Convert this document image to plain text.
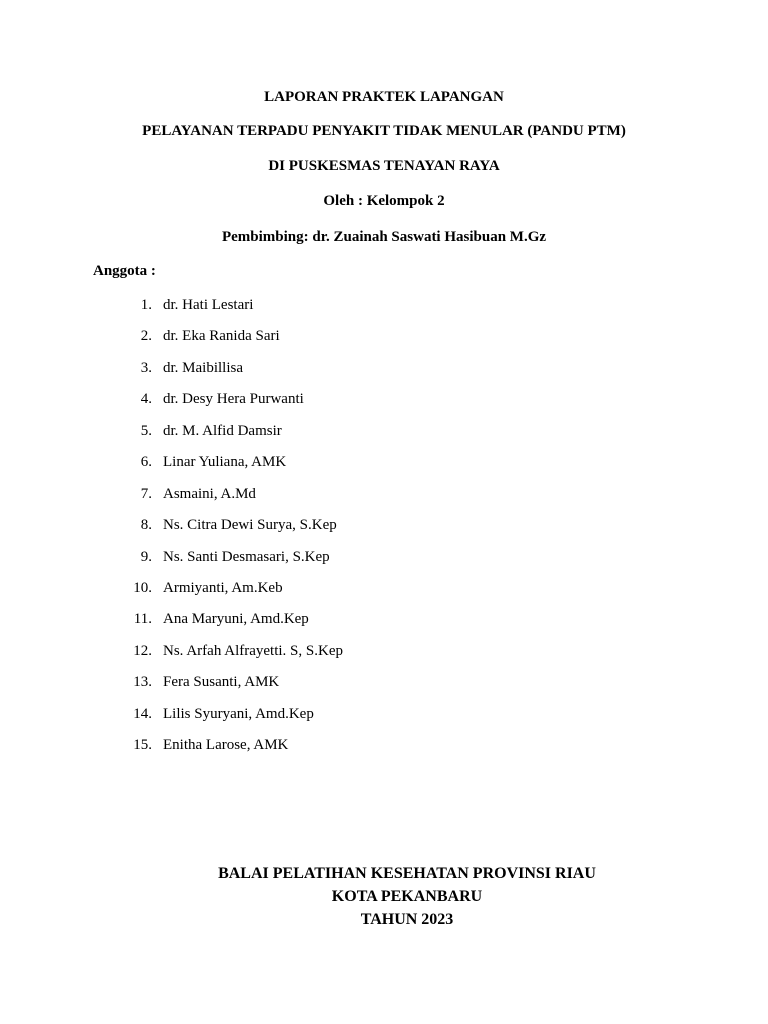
LAPORAN PRAKTEK LAPANGAN
PELAYANAN TERPADU PENYAKIT TIDAK MENULAR (PANDU PTM)
DI PUSKESMAS TENAYAN RAYA
Oleh : Kelompok 2
Pembimbing: dr. Zuainah Saswati Hasibuan M.Gz
Anggota :
1. dr. Hati Lestari
2. dr. Eka Ranida Sari
3. dr. Maibillisa
4. dr. Desy Hera Purwanti
5. dr. M. Alfid Damsir
6. Linar Yuliana, AMK
7. Asmaini, A.Md
8. Ns. Citra Dewi Surya, S.Kep
9. Ns. Santi Desmasari, S.Kep
10. Armiyanti, Am.Keb
11. Ana Maryuni, Amd.Kep
12. Ns. Arfah Alfrayetti. S, S.Kep
13. Fera Susanti, AMK
14. Lilis Syuryani, Amd.Kep
15. Enitha Larose, AMK
BALAI PELATIHAN KESEHATAN PROVINSI RIAU
KOTA PEKANBARU
TAHUN 2023
